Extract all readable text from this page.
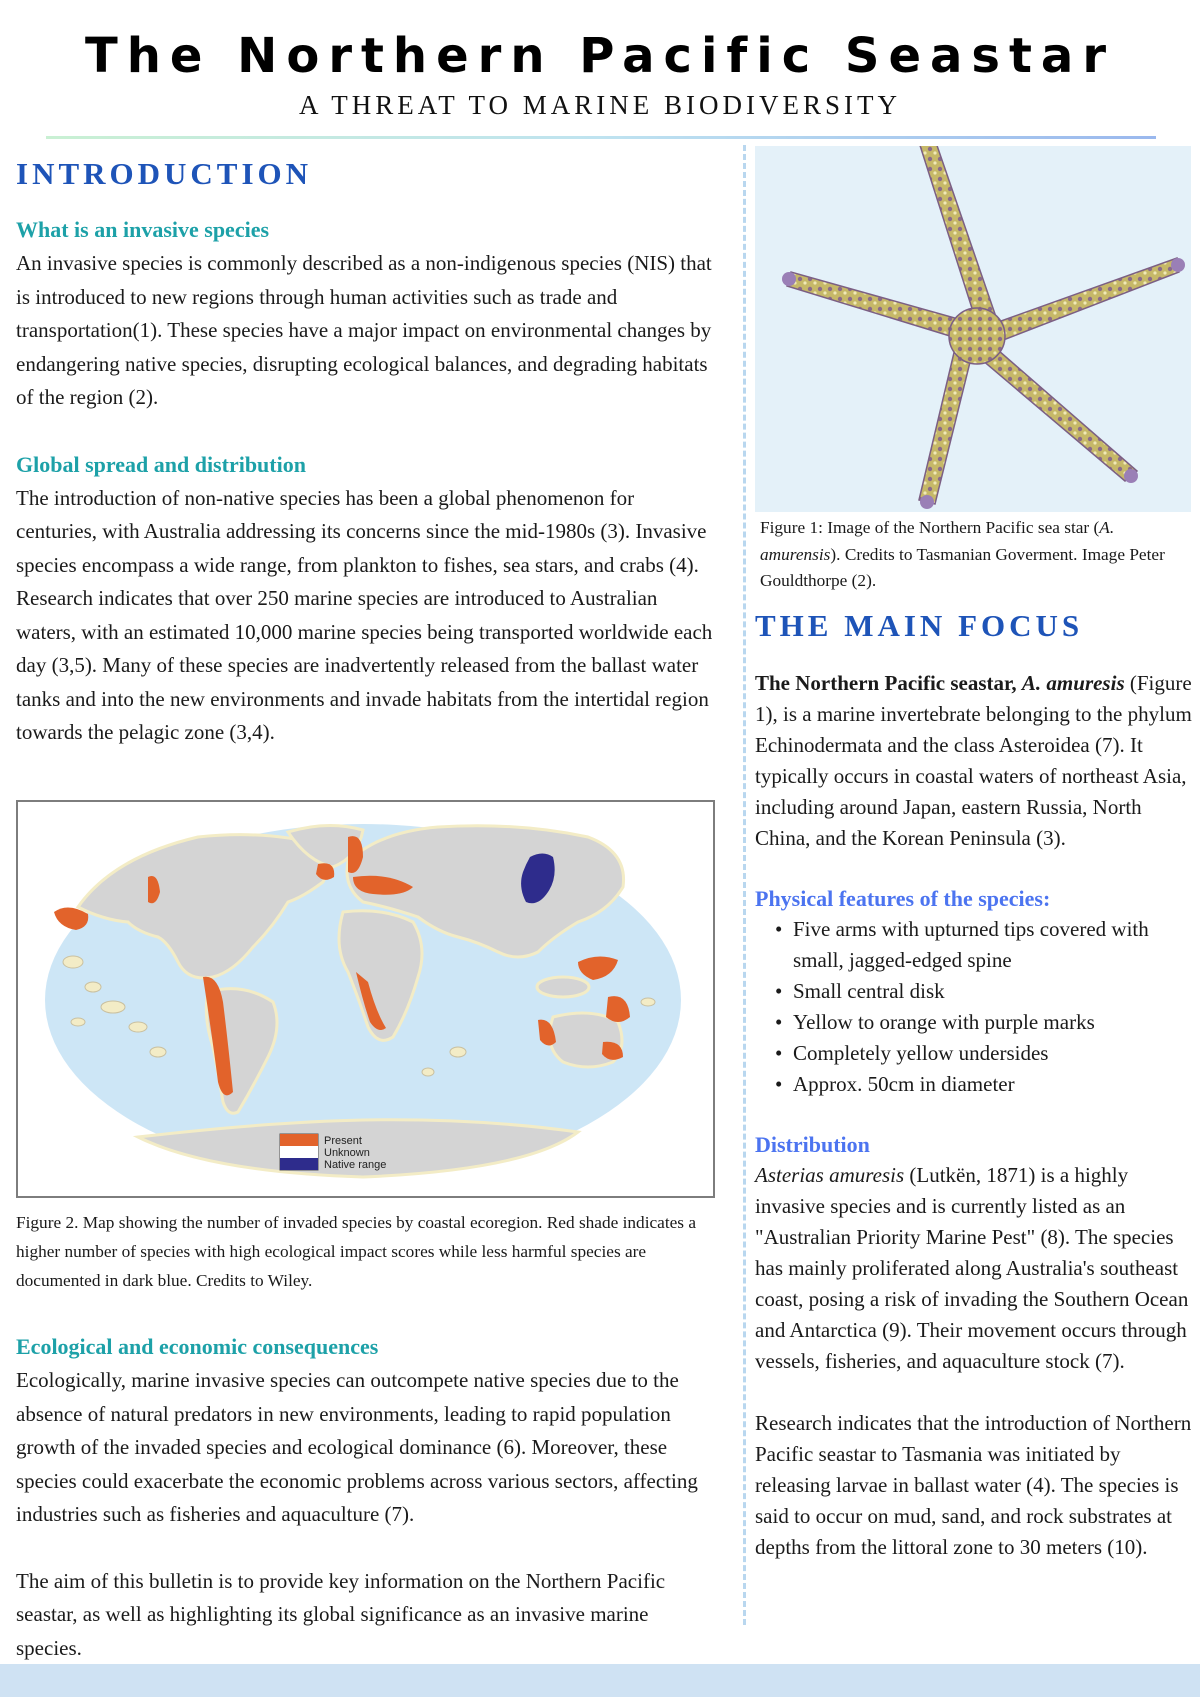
The Northern Pacific Seastar
A THREAT TO MARINE BIODIVERSITY
INTRODUCTION
What is an invasive species

An invasive species is commonly described as a non-indigenous species (NIS) that is introduced to new regions through human activities such as trade and transportation(1). These species have a major impact on environmental changes by endangering native species, disrupting ecological balances, and degrading habitats of the region (2).

Global spread and distribution

The introduction of non-native species has been a global phenomenon for centuries, with Australia addressing its concerns since the mid-1980s (3). Invasive species encompass a wide range, from plankton to fishes, sea stars, and crabs (4). Research indicates that over 250 marine species are introduced to Australian waters, with an estimated 10,000 marine species being transported worldwide each day (3,5). Many of these species are inadvertently released from the ballast water tanks and into the new environments and invade habitats from the intertidal region towards the pelagic zone (3,4).

Present
Unknown
Native range
Figure 2. Map showing the number of invaded species by coastal ecoregion. Red shade indicates a higher number of species with high ecological impact scores while less harmful species are documented in dark blue. Credits to Wiley.
Ecological and economic consequences

Ecologically, marine invasive species can outcompete native species due to the absence of natural predators in new environments, leading to rapid population growth of the invaded species and ecological dominance (6). Moreover, these species could exacerbate the economic problems across various sectors, affecting industries such as fisheries and aquaculture (7).

The aim of this bulletin is to provide key information on the Northern Pacific seastar, as well as highlighting its global significance as an invasive marine species.

Figure 1: Image of the Northern Pacific sea star (A. amurensis). Credits to Tasmanian Goverment. Image Peter Gouldthorpe (2).
THE MAIN FOCUS

The Northern Pacific seastar, A. amuresis (Figure 1), is a marine invertebrate belonging to the phylum Echinodermata and the class Asteroidea (7). It typically occurs in coastal waters of northeast Asia, including around Japan, eastern Russia, North China, and the Korean Peninsula (3).

Physical features of the species:
• Five arms with upturned tips covered with small, jagged-edged spine
• Small central disk
• Yellow to orange with purple marks
• Completely yellow undersides
• Approx. 50cm in diameter
Distribution

Asterias amuresis (Lutkën, 1871) is a highly invasive species and is currently listed as an "Australian Priority Marine Pest" (8). The species has mainly proliferated along Australia's southeast coast, posing a risk of invading the Southern Ocean and Antarctica (9). Their movement occurs through vessels, fisheries, and aquaculture stock (7).

Research indicates that the introduction of Northern Pacific seastar to Tasmania was initiated by releasing larvae in ballast water (4). The species is said to occur on mud, sand, and rock substrates at depths from the littoral zone to 30 meters (10).
